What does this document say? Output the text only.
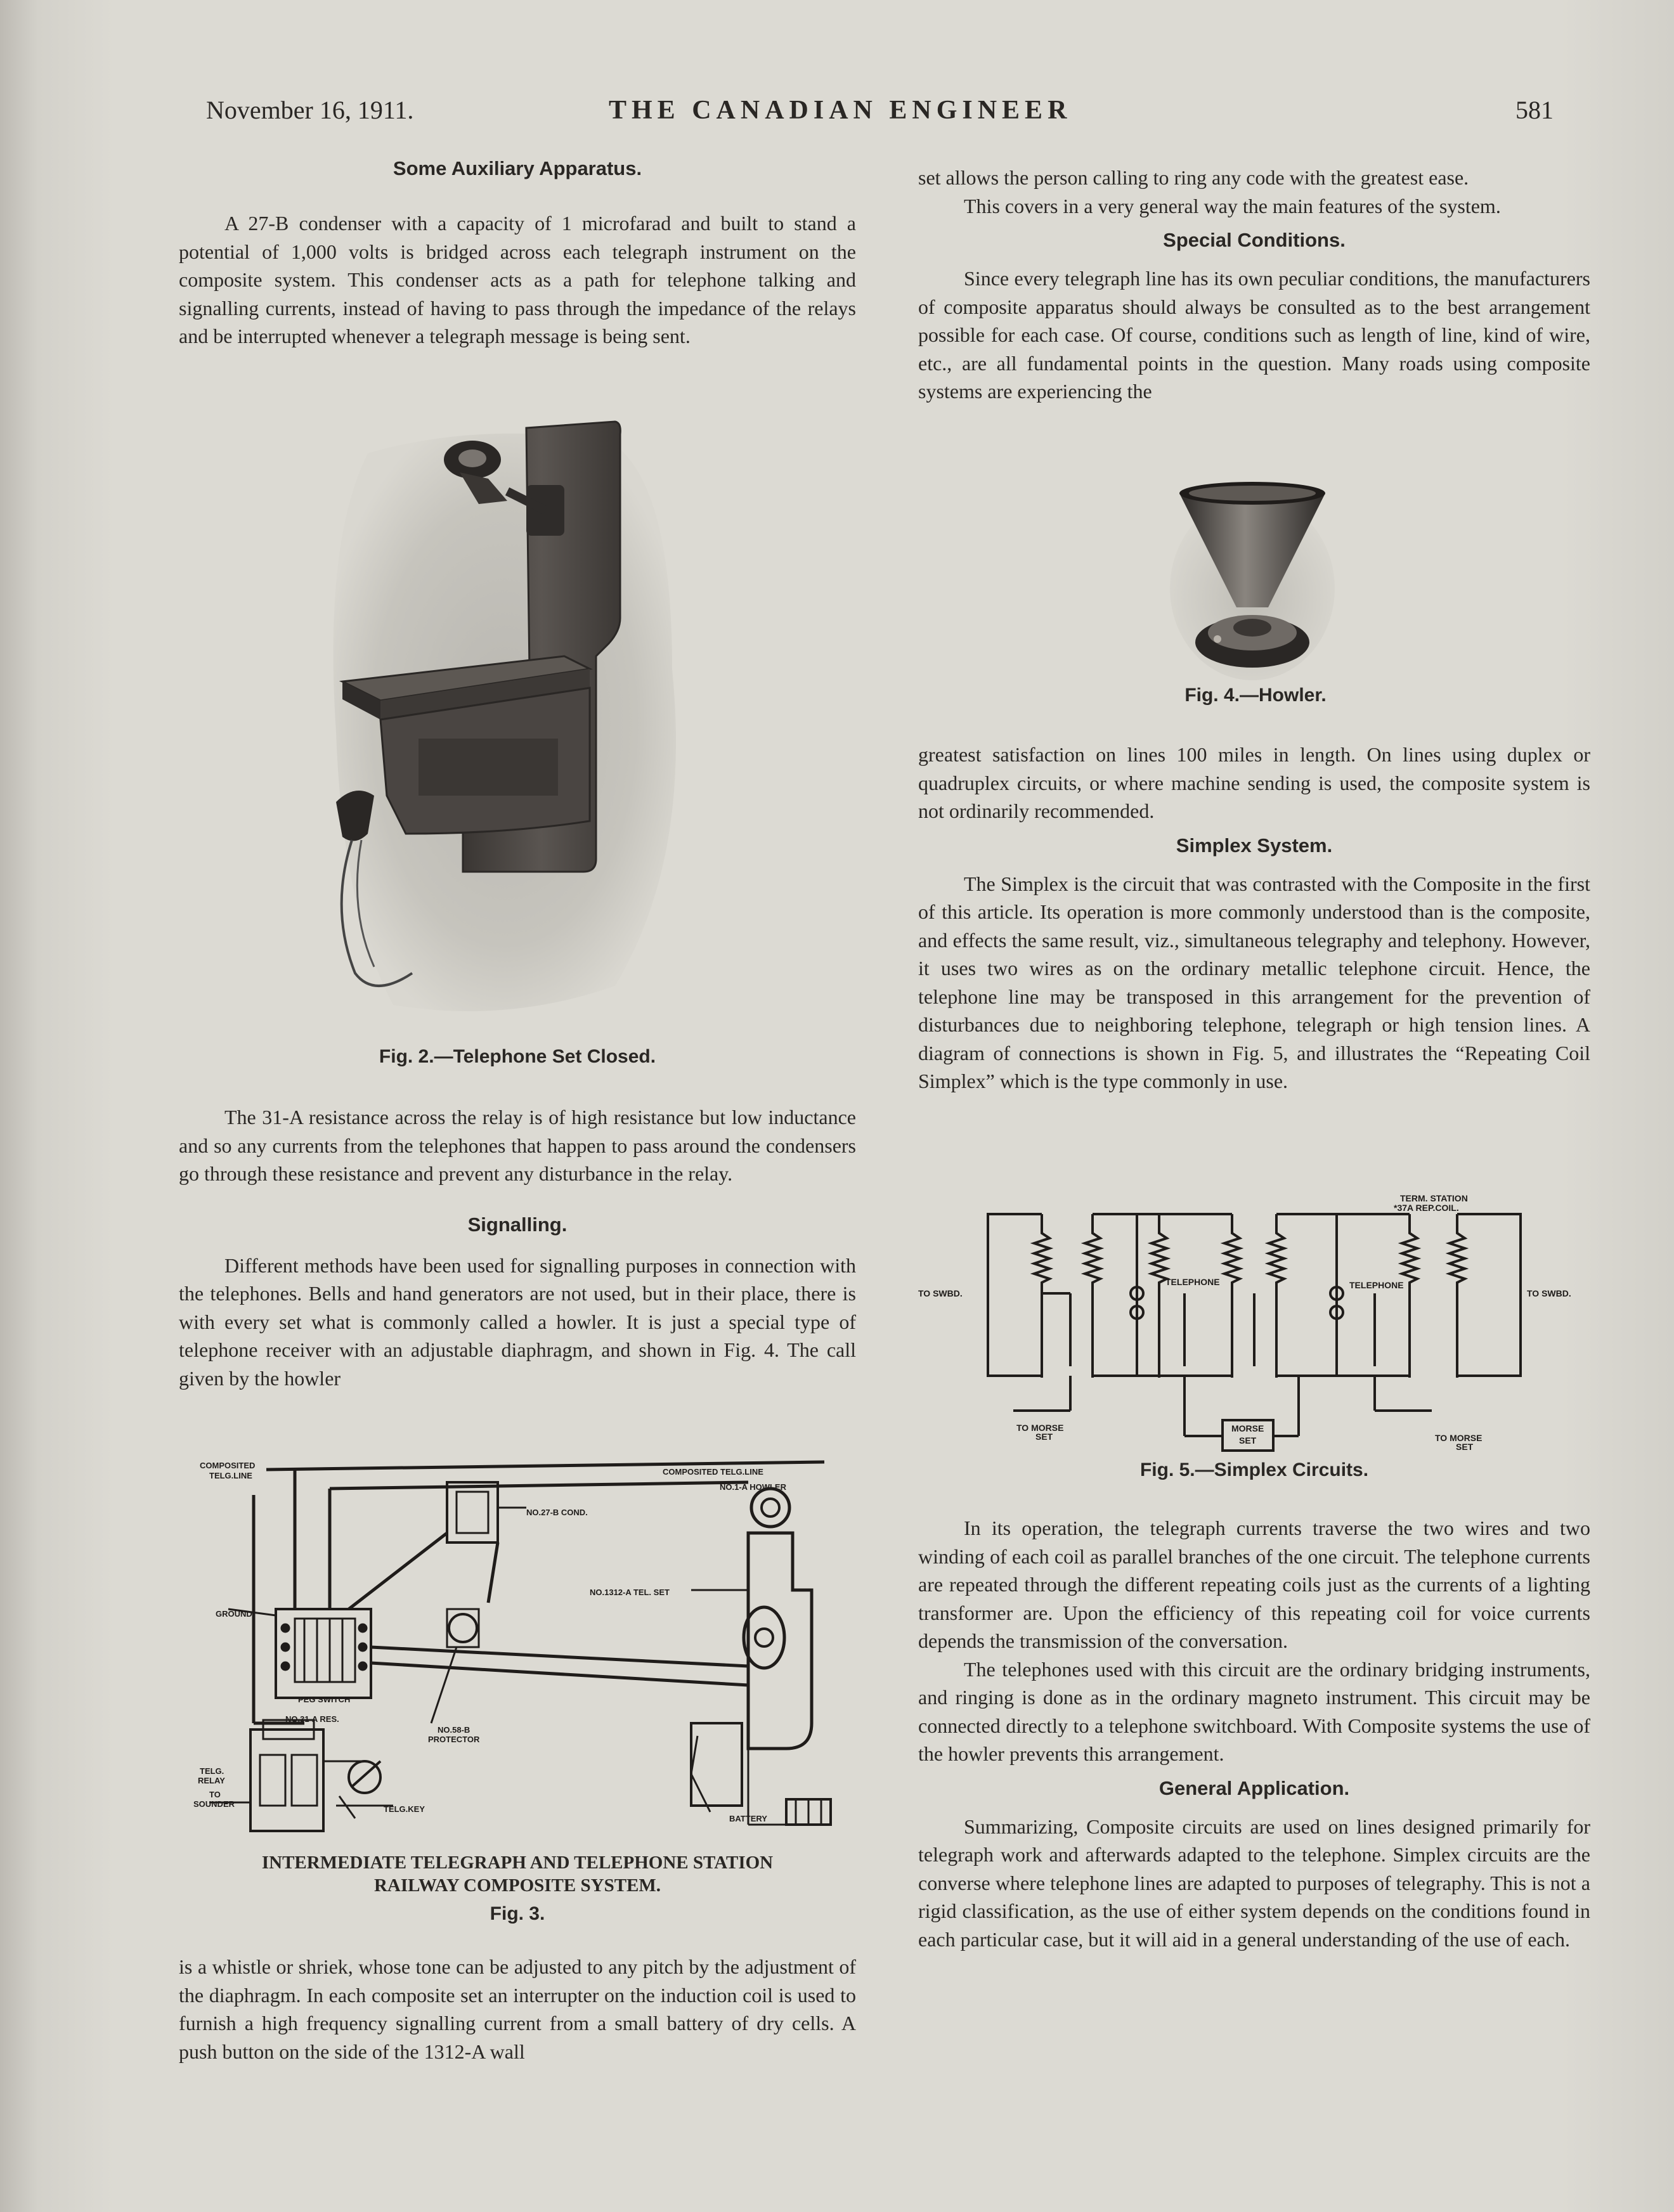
November 16, 1911.	THE CANADIAN ENGINEER	581
Some Auxiliary Apparatus.

A 27-B condenser with a capacity of 1 microfarad and built to stand a potential of 1,000 volts is bridged across each telegraph instrument on the composite system. This condenser acts as a path for telephone talking and signalling currents, instead of having to pass through the impedance of the relays and be interrupted whenever a telegraph message is being sent.

Fig. 2.—Telephone Set Closed.

The 31-A resistance across the relay is of high resistance but low inductance and so any currents from the telephones that happen to pass around the condensers go through these resistance and prevent any disturbance in the relay.

Signalling.

Different methods have been used for signalling purposes in connection with the telephones. Bells and hand generators are not used, but in their place, there is with every set what is commonly called a howler. It is just a special type of telephone receiver with an adjustable diaphragm, and shown in Fig. 4. The call given by the howler

COMPOSITED
TELG.LINE	COMPOSITED TELG.LINE
NO.1-A HOWLER
NO.27-B COND.
NO.1312-A TEL. SET
GROUND
PEG SWITCH
NO.31-A RES.
NO.58-B
PROTECTOR
TELG.
RELAY
TO
SOUNDER
TELG.KEY
BATTERY

INTERMEDIATE TELEGRAPH AND TELEPHONE STATION

RAILWAY COMPOSITE SYSTEM.

Fig. 3.

is a whistle or shriek, whose tone can be adjusted to any pitch by the adjustment of the diaphragm. In each composite set an interrupter on the induction coil is used to furnish a high frequency signalling current from a small battery of dry cells. A push button on the side of the 1312-A wall

set allows the person calling to ring any code with the greatest ease.

This covers in a very general way the main features of the system.

Special Conditions.

Since every telegraph line has its own peculiar conditions, the manufacturers of composite apparatus should always be consulted as to the best arrangement possible for each case. Of course, conditions such as length of line, kind of wire, etc., are all fundamental points in the question. Many roads using composite systems are experiencing the

Fig. 4.—Howler.

greatest satisfaction on lines 100 miles in length. On lines using duplex or quadruplex circuits, or where machine sending is used, the composite system is not ordinarily recommended.

Simplex System.

The Simplex is the circuit that was contrasted with the Composite in the first of this article. Its operation is more commonly understood than is the composite, and effects the same result, viz., simultaneous telegraphy and telephony. However, it uses two wires as on the ordinary metallic telephone circuit. Hence, the telephone line may be transposed in this arrangement for the prevention of disturbances due to neighboring telephone, telegraph or high tension lines. A diagram of connections is shown in Fig. 5, and illustrates the “Repeating Coil Simplex” which is the type commonly in use.

TERM. STATION
*37A REP.COIL.
TO SWBD.	TO SWBD.
TELEPHONE	TELEPHONE
MORSE
SET
TO MORSE
SET	TO MORSE
SET

Fig. 5.—Simplex Circuits.

In its operation, the telegraph currents traverse the two wires and two winding of each coil as parallel branches of the one circuit. The telephone currents are repeated through the different repeating coils just as the currents of a lighting transformer are. Upon the efficiency of this repeating coil for voice currents depends the transmission of the conversation.

The telephones used with this circuit are the ordinary bridging instruments, and ringing is done as in the ordinary magneto instrument. This circuit may be connected directly to a telephone switchboard. With Composite systems the use of the howler prevents this arrangement.

General Application.

Summarizing, Composite circuits are used on lines designed primarily for telegraph work and afterwards adapted to the telephone. Simplex circuits are the converse where telephone lines are adapted to purposes of telegraphy. This is not a rigid classification, as the use of either system depends on the conditions found in each particular case, but it will aid in a general understanding of the use of each.
